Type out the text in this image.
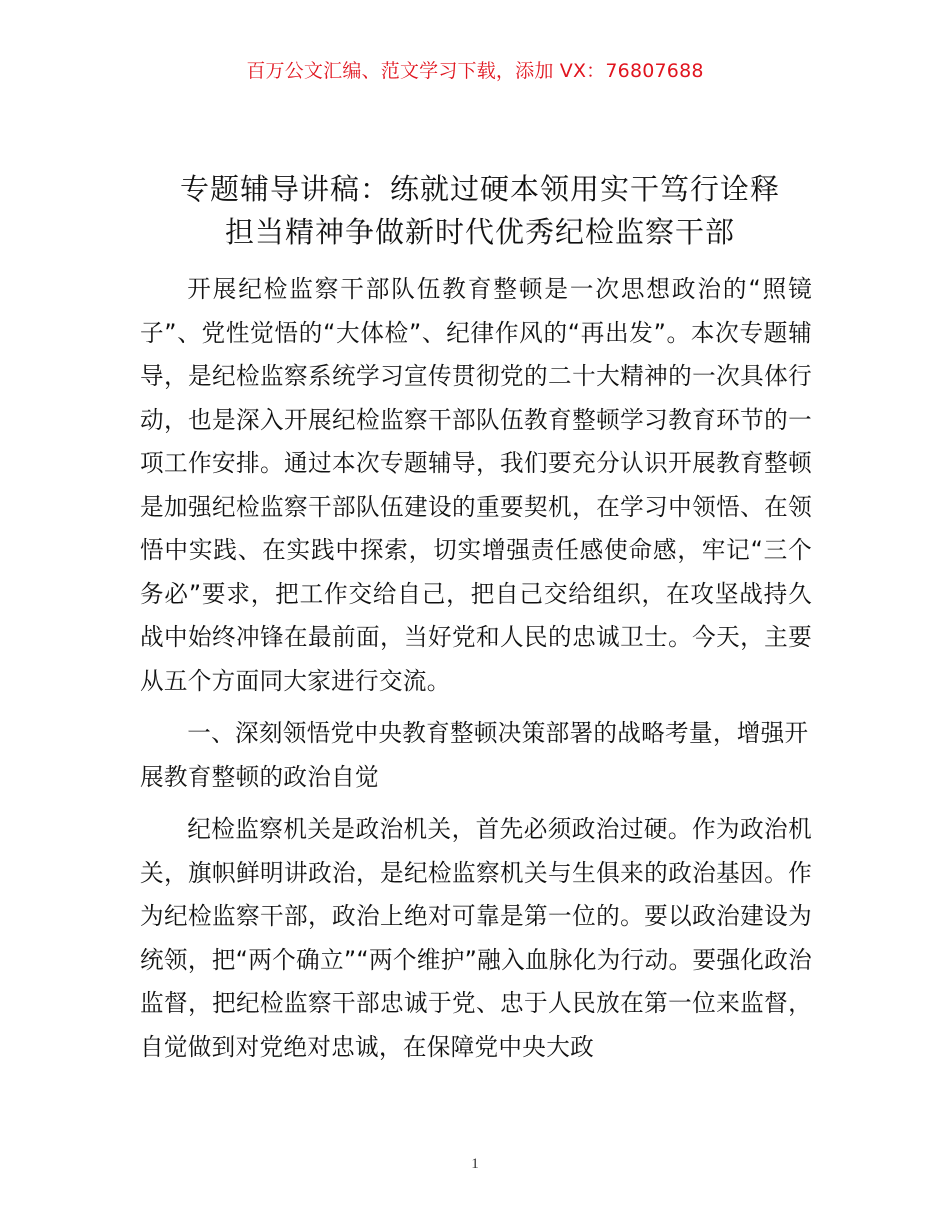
百万公文汇编、范文学习下载，添加 VX：76807688
专题辅导讲稿：练就过硬本领用实干笃行诠释
担当精神争做新时代优秀纪检监察干部

开展纪检监察干部队伍教育整顿是一次思想政治的“照镜子”、党性觉悟的“大体检”、纪律作风的“再出发”。本次专题辅导，是纪检监察系统学习宣传贯彻党的二十大精神的一次具体行动，也是深入开展纪检监察干部队伍教育整顿学习教育环节的一项工作安排。通过本次专题辅导，我们要充分认识开展教育整顿是加强纪检监察干部队伍建设的重要契机，在学习中领悟、在领悟中实践、在实践中探索，切实增强责任感使命感，牢记“三个务必”要求，把工作交给自己，把自己交给组织，在攻坚战持久战中始终冲锋在最前面，当好党和人民的忠诚卫士。今天，主要从五个方面同大家进行交流。

一、深刻领悟党中央教育整顿决策部署的战略考量，增强开展教育整顿的政治自觉

纪检监察机关是政治机关，首先必须政治过硬。作为政治机关，旗帜鲜明讲政治，是纪检监察机关与生俱来的政治基因。作为纪检监察干部，政治上绝对可靠是第一位的。要以政治建设为统领，把“两个确立”“两个维护”融入血脉化为行动。要强化政治监督，把纪检监察干部忠诚于党、忠于人民放在第一位来监督，自觉做到对党绝对忠诚，在保障党中央大政

1
